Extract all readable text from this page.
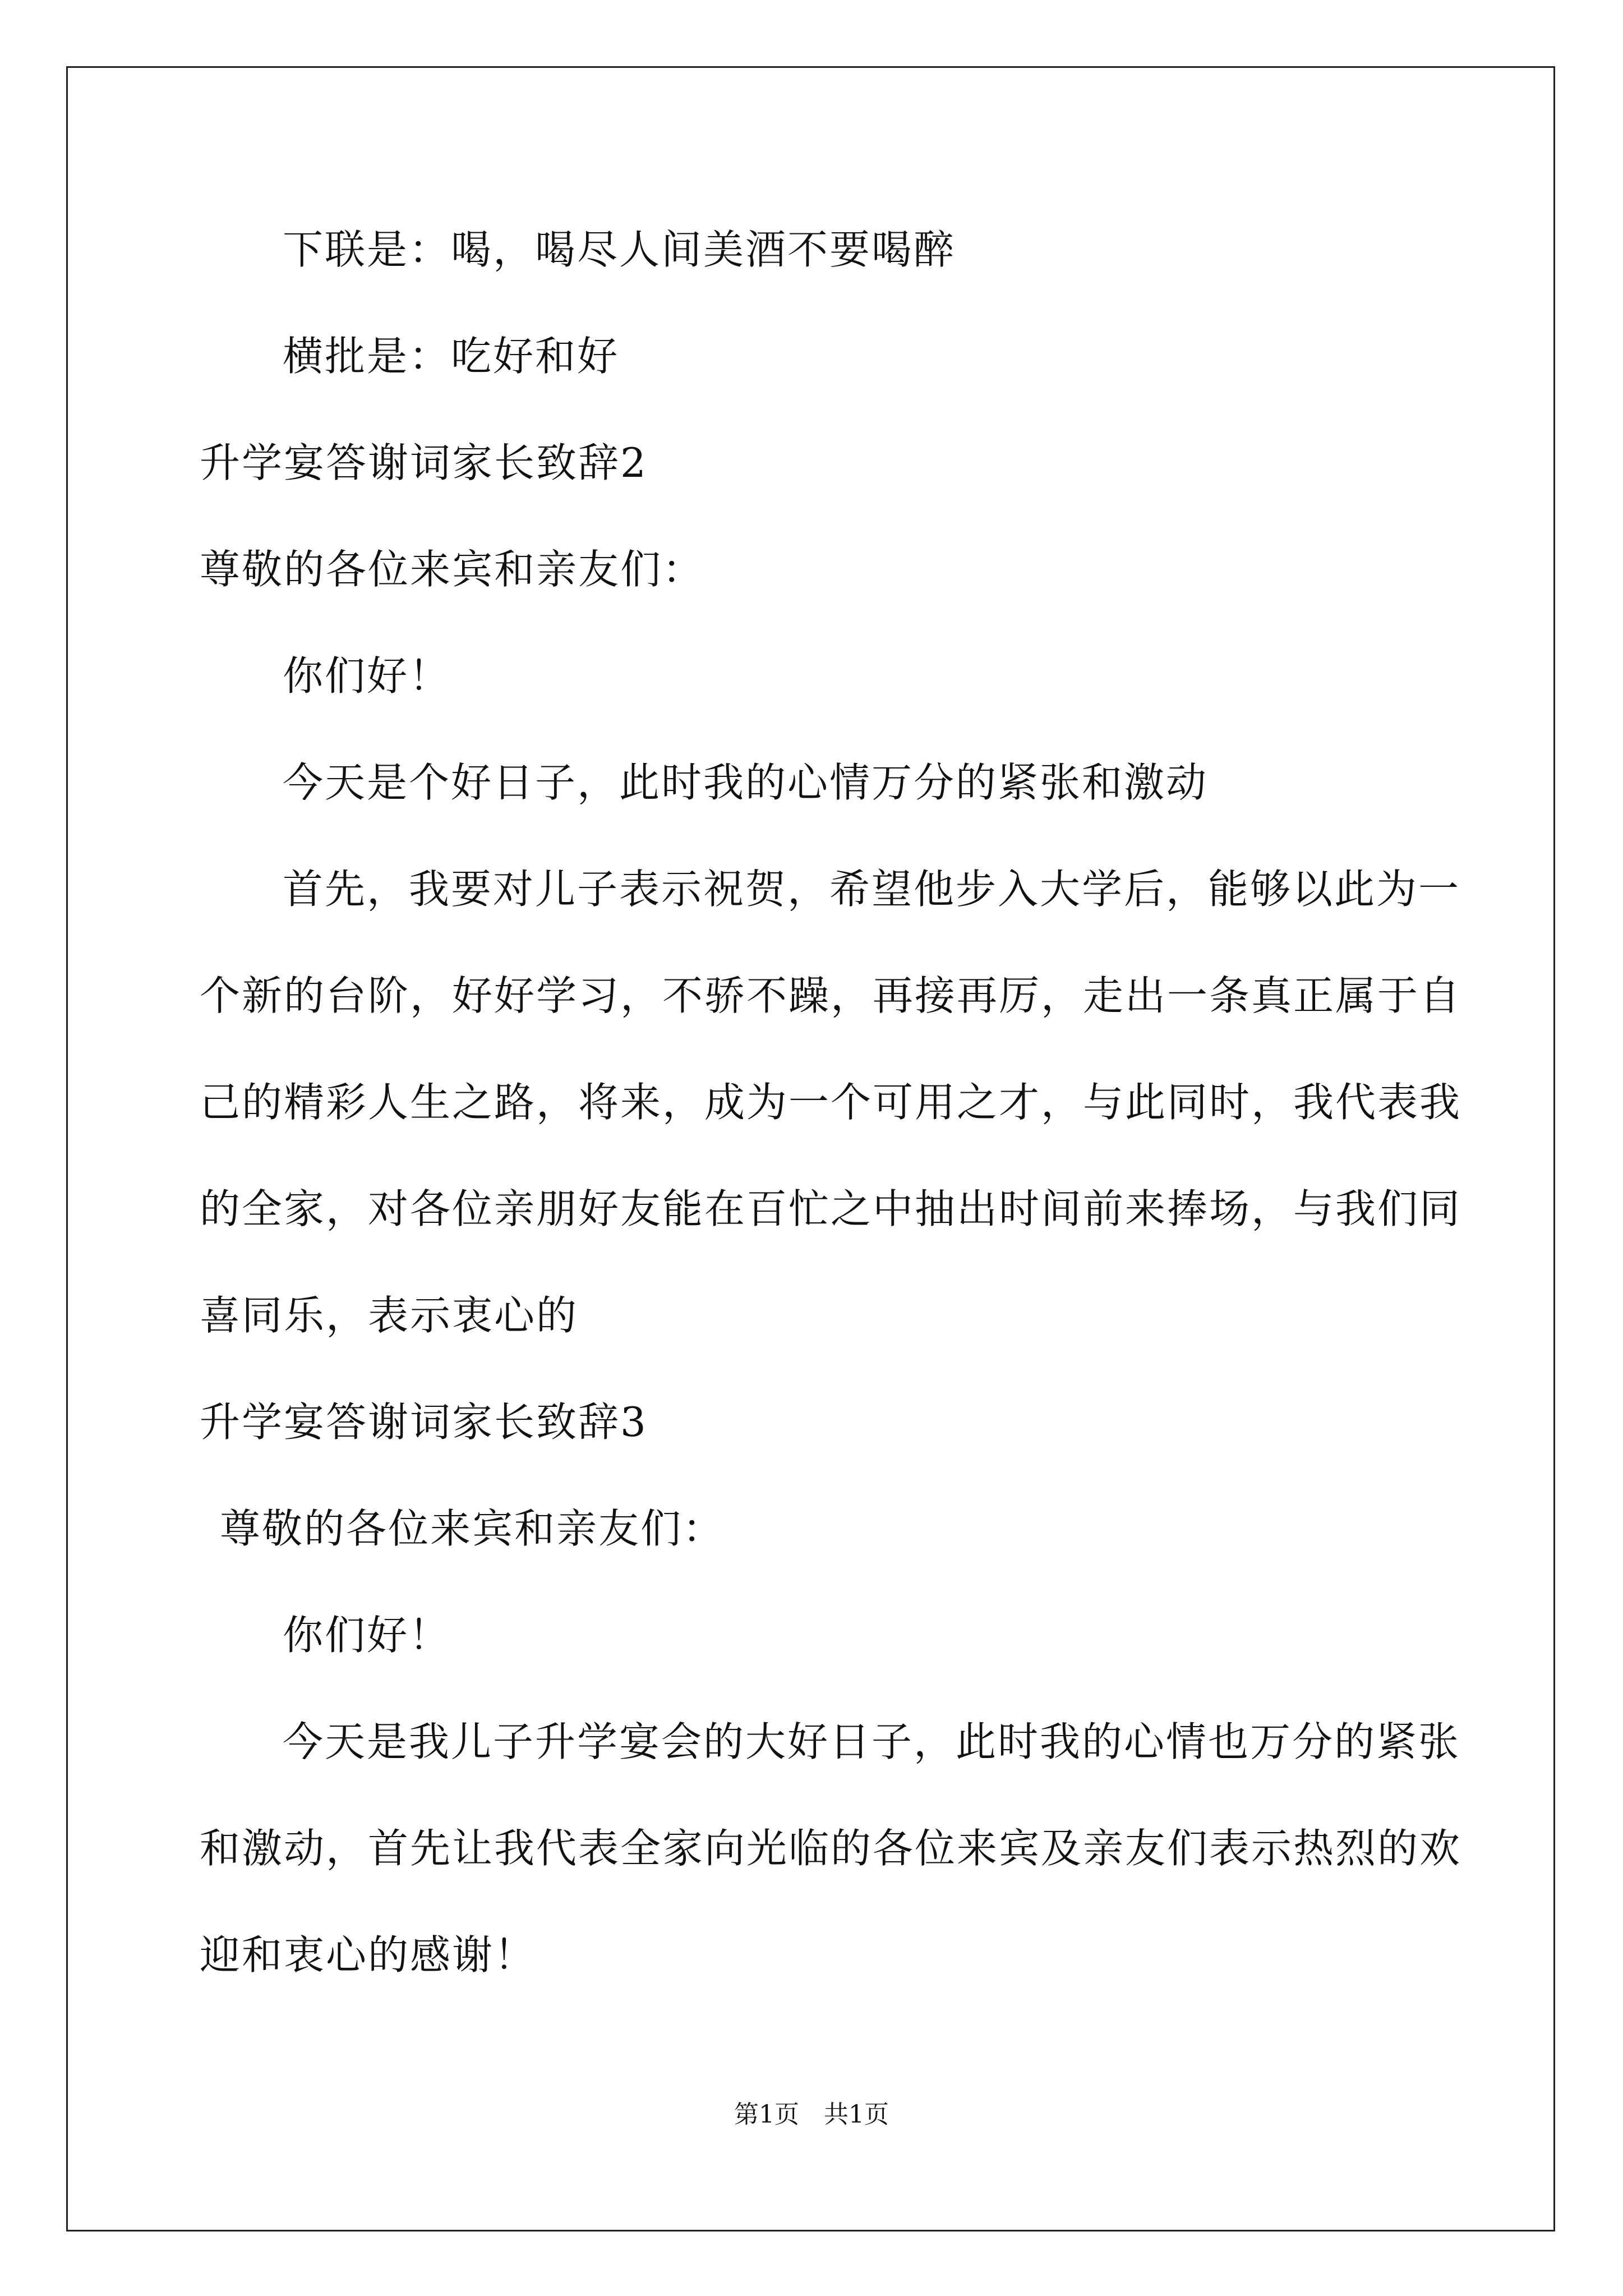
下联是：喝，喝尽人间美酒不要喝醉
横批是：吃好和好
升学宴答谢词家长致辞2
尊敬的各位来宾和亲友们：
你们好！
今天是个好日子，此时我的心情万分的紧张和激动
首先，我要对儿子表示祝贺，希望他步入大学后，能够以此为一
个新的台阶，好好学习，不骄不躁，再接再厉，走出一条真正属于自
己的精彩人生之路，将来，成为一个可用之才，与此同时，我代表我
的全家，对各位亲朋好友能在百忙之中抽出时间前来捧场，与我们同
喜同乐，表示衷心的
升学宴答谢词家长致辞3
尊敬的各位来宾和亲友们：
你们好！
今天是我儿子升学宴会的大好日子，此时我的心情也万分的紧张
和激动，首先让我代表全家向光临的各位来宾及亲友们表示热烈的欢
迎和衷心的感谢！
第1页　共1页
